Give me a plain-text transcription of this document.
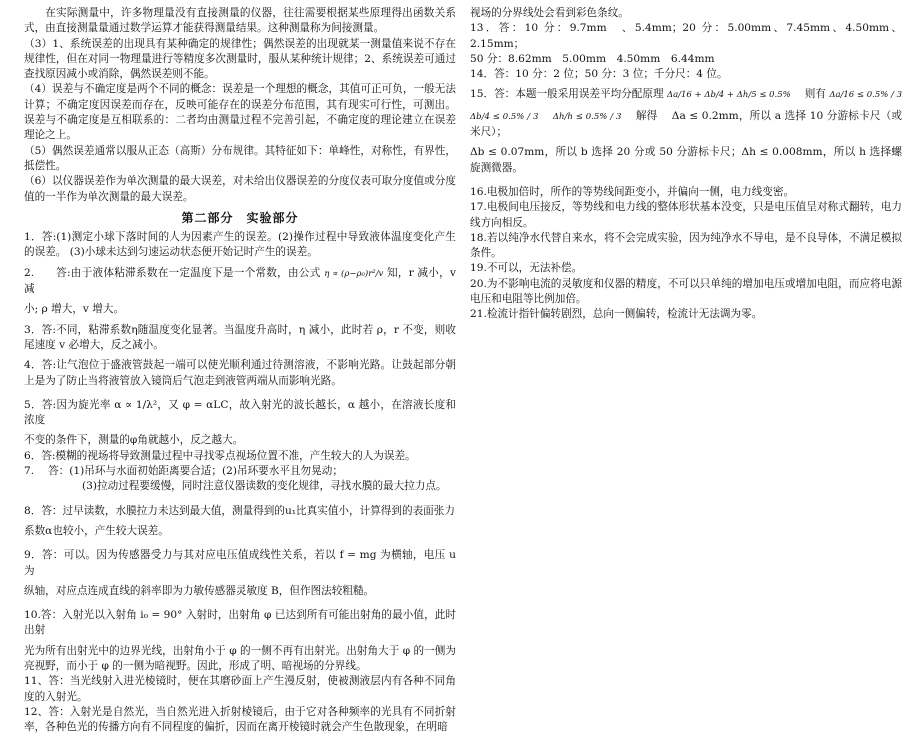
在实际测量中，许多物理量没有直接测量的仪器，往往需要根据某些原理得出函数关系式，由直接测量量通过数学运算才能获得测量结果。这种测量称为间接测量。

（3）1、系统误差的出现具有某种确定的规律性；偶然误差的出现就某一测量值来说不存在规律性，但在对同一物理量进行等精度多次测量时，服从某种统计规律；2、系统误差可通过查找原因减小或消除，偶然误差则不能。

（4）误差与不确定度是两个不同的概念：误差是一个理想的概念，其值可正可负，一般无法计算；不确定度因误差而存在，反映可能存在的误差分布范围，其有现实可行性，可测出。误差与不确定度是互相联系的：二者均由测量过程不完善引起，不确定度的理论建立在误差理论之上。

（5）偶然误差通常以服从正态（高斯）分布规律。其特征如下：单峰性，对称性，有界性，抵偿性。

（6）以仪器误差作为单次测量的最大误差，对未给出仪器误差的分度仪表可取分度值或分度值的一半作为单次测量的最大误差。

第二部分　实验部分

1．答:(1)测定小球下落时间的人为因素产生的误差。(2)操作过程中导致液体温度变化产生的误差。 (3)小球未达到匀速运动状态便开始记时产生的误差。

2.　　答:由于液体粘滞系数在一定温度下是一个常数，由公式 η ∝ (ρ−ρ₀)r²/v 知，r 减小，v 减

小; ρ 增大，v 增大。

3．答:不同，粘滞系数η随温度变化显著。当温度升高时，η 减小，此时若 ρ，r 不变，则收尾速度 v 必增大，反之减小。

4．答:让气泡位于盛液管鼓起一端可以使光顺利通过待测溶液，不影响光路。让鼓起部分朝上是为了防止当将液管放入镜筒后气泡走到液管两端从而影响光路。

5．答:因为旋光率 α ∝ 1/λ²，又 φ = αLC，故入射光的波长越长，α 越小，在溶液长度和浓度

不变的条件下，测量的φ角就越小，反之越大。

6．答:模糊的视场将导致测量过程中寻找零点视场位置不准，产生较大的人为误差。

7.　 答：(1)吊环与水面初始距离要合适；(2)吊环要水平且勿晃动；

(3)拉动过程要缓慢，同时注意仪器读数的变化规律，寻找水膜的最大拉力点。

8．答：过早读数，水膜拉力未达到最大值，测量得到的u₁比真实值小，计算得到的表面张力

系数α也较小，产生较大误差。

9．答：可以。因为传感器受力与其对应电压值成线性关系，若以 f = mg 为横轴，电压 u 为

纵轴，对应点连成直线的斜率即为力敏传感器灵敏度 B，但作图法较粗糙。

10.答：入射光以入射角 i₀ = 90° 入射时，出射角 φ 已达到所有可能出射角的最小值，此时出射

光为所有出射光中的边界光线，出射角小于 φ 的一侧不再有出射光。出射角大于 φ 的一侧为亮视野，而小于 φ 的一侧为暗视野。因此，形成了明、暗视场的分界线。

11、答：当光线射入进光棱镜时，便在其磨砂面上产生漫反射，使被测液层内有各种不同角度的入射光。

12、答：入射光是自然光，当自然光进入折射棱镜后，由于它对各种频率的光具有不同折射率，各种色光的传播方向有不同程度的偏折，因而在离开棱镜时就会产生色散现象，在明暗

视场的分界线处会看到彩色条纹。

13．答：10 分：9.7mm　、5.4mm；20 分：5.00mm、7.45mm、4.50mm、2.15mm；

50 分：8.62mm　5.00mm　4.50mm　6.44mm

14．答：10 分：2 位；50 分：3 位；千分尺：4 位。

15．答：本题一般采用误差平均分配原理 Δa/16 + Δb/4 + Δh/5 ≤ 0.5% 则有 Δa/16 ≤ 0.5% / 3

Δb/4 ≤ 0.5% / 3　 Δh/h ≤ 0.5% / 3　 解得　 Δa ≤ 0.2mm，所以 a 选择 10 分游标卡尺（或米尺）；

Δb ≤ 0.07mm，所以 b 选择 20 分或 50 分游标卡尺；Δh ≤ 0.008mm，所以 h 选择螺旋测微器。

16.电极加倍时，所作的等势线间距变小，并偏向一侧，电力线变密。

17.电极间电压接反，等势线和电力线的整体形状基本没变，只是电压值呈对称式翻转，电力线方向相反。

18.若以纯净水代替自来水，将不会完成实验，因为纯净水不导电，是不良导体，不满足模拟条件。

19.不可以，无法补偿。

20.为不影响电流的灵敏度和仪器的精度，不可以只单纯的增加电压或增加电阻，而应将电源电压和电阻等比例加倍。

21.检流计指针偏转剧烈，总向一侧偏转，检流计无法调为零。
